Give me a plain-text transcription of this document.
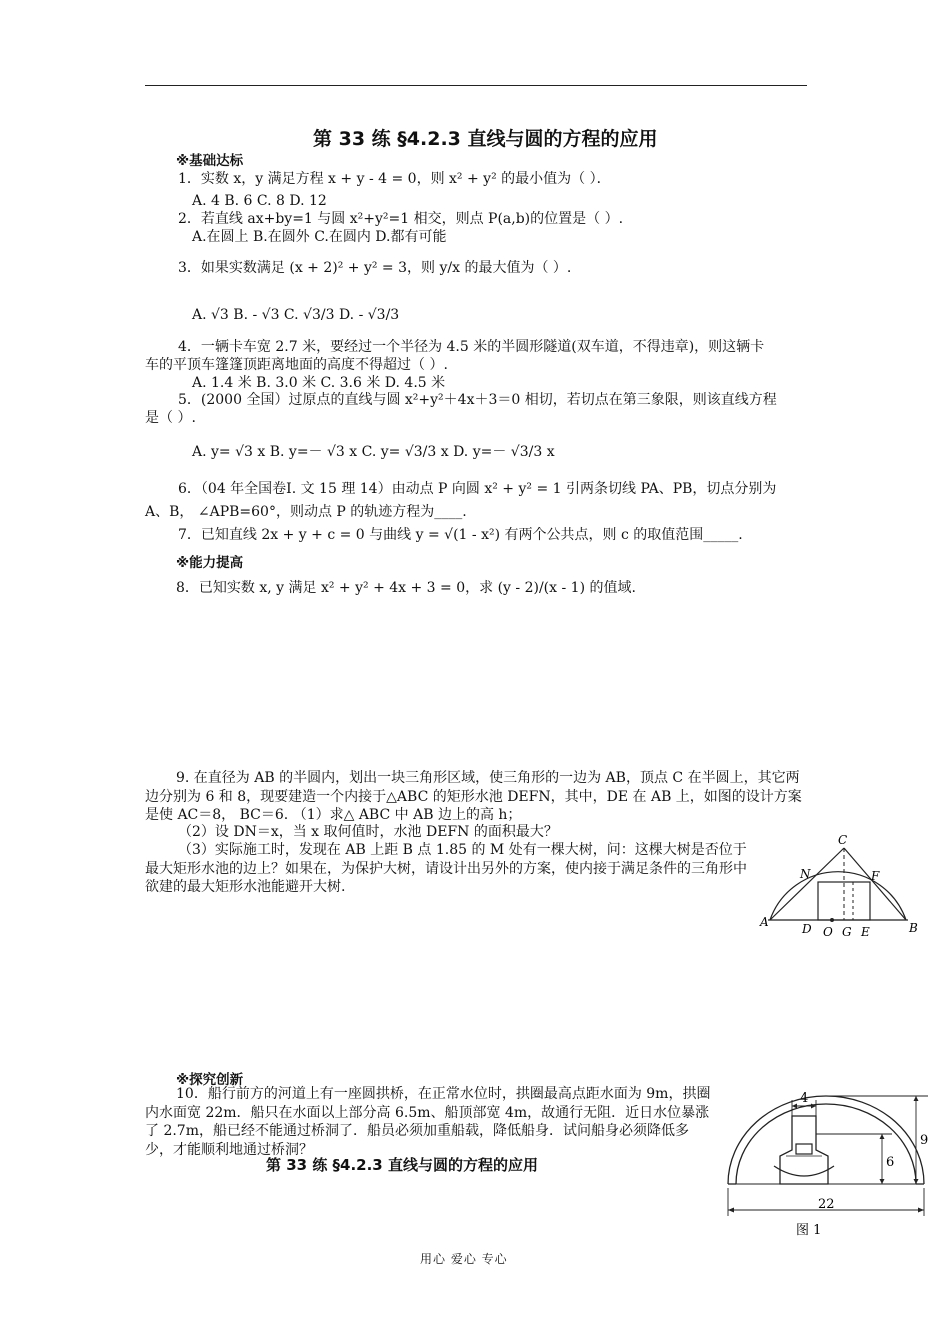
第 33 练 §4.2.3 直线与圆的方程的应用
※基础达标
1．实数 x，y 满足方程 x + y - 4 = 0，则 x² + y² 的最小值为（ ）．
A. 4 B. 6 C. 8 D. 12
2．若直线 ax+by=1 与圆 x²+y²=1 相交，则点 P(a,b)的位置是（ ）.
A.在圆上 B.在圆外 C.在圆内 D.都有可能
3．如果实数满足 (x + 2)² + y² = 3，则 y/x 的最大值为（ ）.
A. √3 B. - √3 C. √3/3 D. - √3/3
4．一辆卡车宽 2.7 米，要经过一个半径为 4.5 米的半圆形隧道(双车道，不得违章)，则这辆卡
车的平顶车篷篷顶距离地面的高度不得超过（ ）.
A. 1.4 米 B. 3.0 米 C. 3.6 米 D. 4.5 米
5．(2000 全国）过原点的直线与圆 x²+y²＋4x＋3＝0 相切，若切点在第三象限，则该直线方程
是（ ）.
A. y= √3 x B. y=－ √3 x C. y= √3/3 x D. y=－ √3/3 x
6．（04 年全国卷Ⅰ. 文 15 理 14）由动点 P 向圆 x² + y² = 1 引两条切线 PA、PB，切点分别为
A、B， ∠APB=60°，则动点 P 的轨迹方程为____.
7．已知直线 2x + y + c = 0 与曲线 y = √(1 - x²) 有两个公共点，则 c 的取值范围_____.
※能力提高
8．已知实数 x, y 满足 x² + y² + 4x + 3 = 0，求 (y - 2)/(x - 1) 的值域.
9. 在直径为 AB 的半圆内，划出一块三角形区域，使三角形的一边为 AB，顶点 C 在半圆上，其它两边分别为 6 和 8，现要建造一个内接于△ABC 的矩形水池 DEFN，其中，DE 在 AB 上，如图的设计方案是使 AC＝8， BC＝6. （1）求△ ABC 中 AB 边上的高 h；
（2）设 DN＝x，当 x 取何值时，水池 DEFN 的面积最大？
（3）实际施工时，发现在 AB 上距 B 点 1.85 的 M 处有一棵大树，问：这棵大树是否位于最大矩形水池的边上？如果在，为保护大树，请设计出另外的方案，使内接于满足条件的三角形中欲建的最大矩形水池能避开大树.
A	B
C
N	F
D O G E
※探究创新
10．船行前方的河道上有一座圆拱桥，在正常水位时，拱圈最高点距水面为 9m，拱圈内水面宽 22m．船只在水面以上部分高 6.5m、船顶部宽 4m，故通行无阻．近日水位暴涨了 2.7m，船已经不能通过桥洞了．船员必须加重船载，降低船身．试问船身必须降低多少，才能顺利地通过桥洞？
第 33 练 §4.2.3 直线与圆的方程的应用
4
6
9
22
图 1
用心 爱心 专心
